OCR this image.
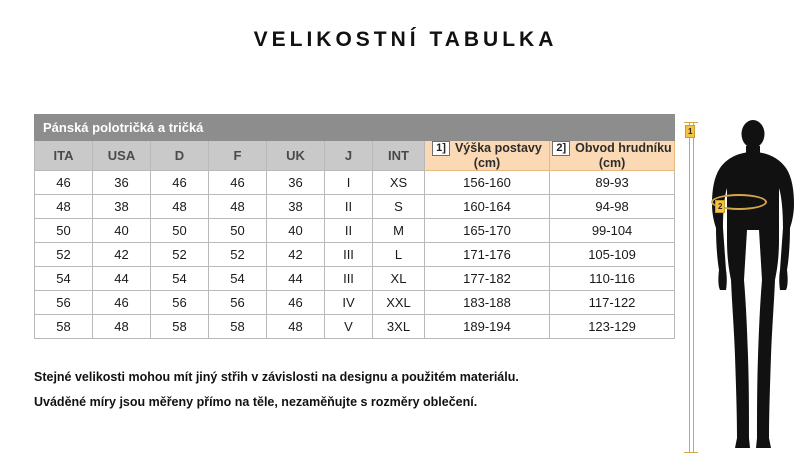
VELIKOSTNÍ TABULKA
Pánská polotričká a tričká								
ITA	USA	D	F	UK	J	INT	1] Výška postavy (cm)	2] Obvod hrudníku (cm)
46	36	46	46	36	I	XS	156-160	89-93
48	38	48	48	38	II	S	160-164	94-98
50	40	50	50	40	II	M	165-170	99-104
52	42	52	52	42	III	L	171-176	105-109
54	44	54	54	44	III	XL	177-182	110-116
56	46	56	56	46	IV	XXL	183-188	117-122
58	48	58	58	48	V	3XL	189-194	123-129
Stejné velikosti mohou mít jiný střih v závislosti na designu a použitém materiálu.
Uváděné míry jsou měřeny přímo na těle, nezaměňujte s rozměry oblečení.
1
2
